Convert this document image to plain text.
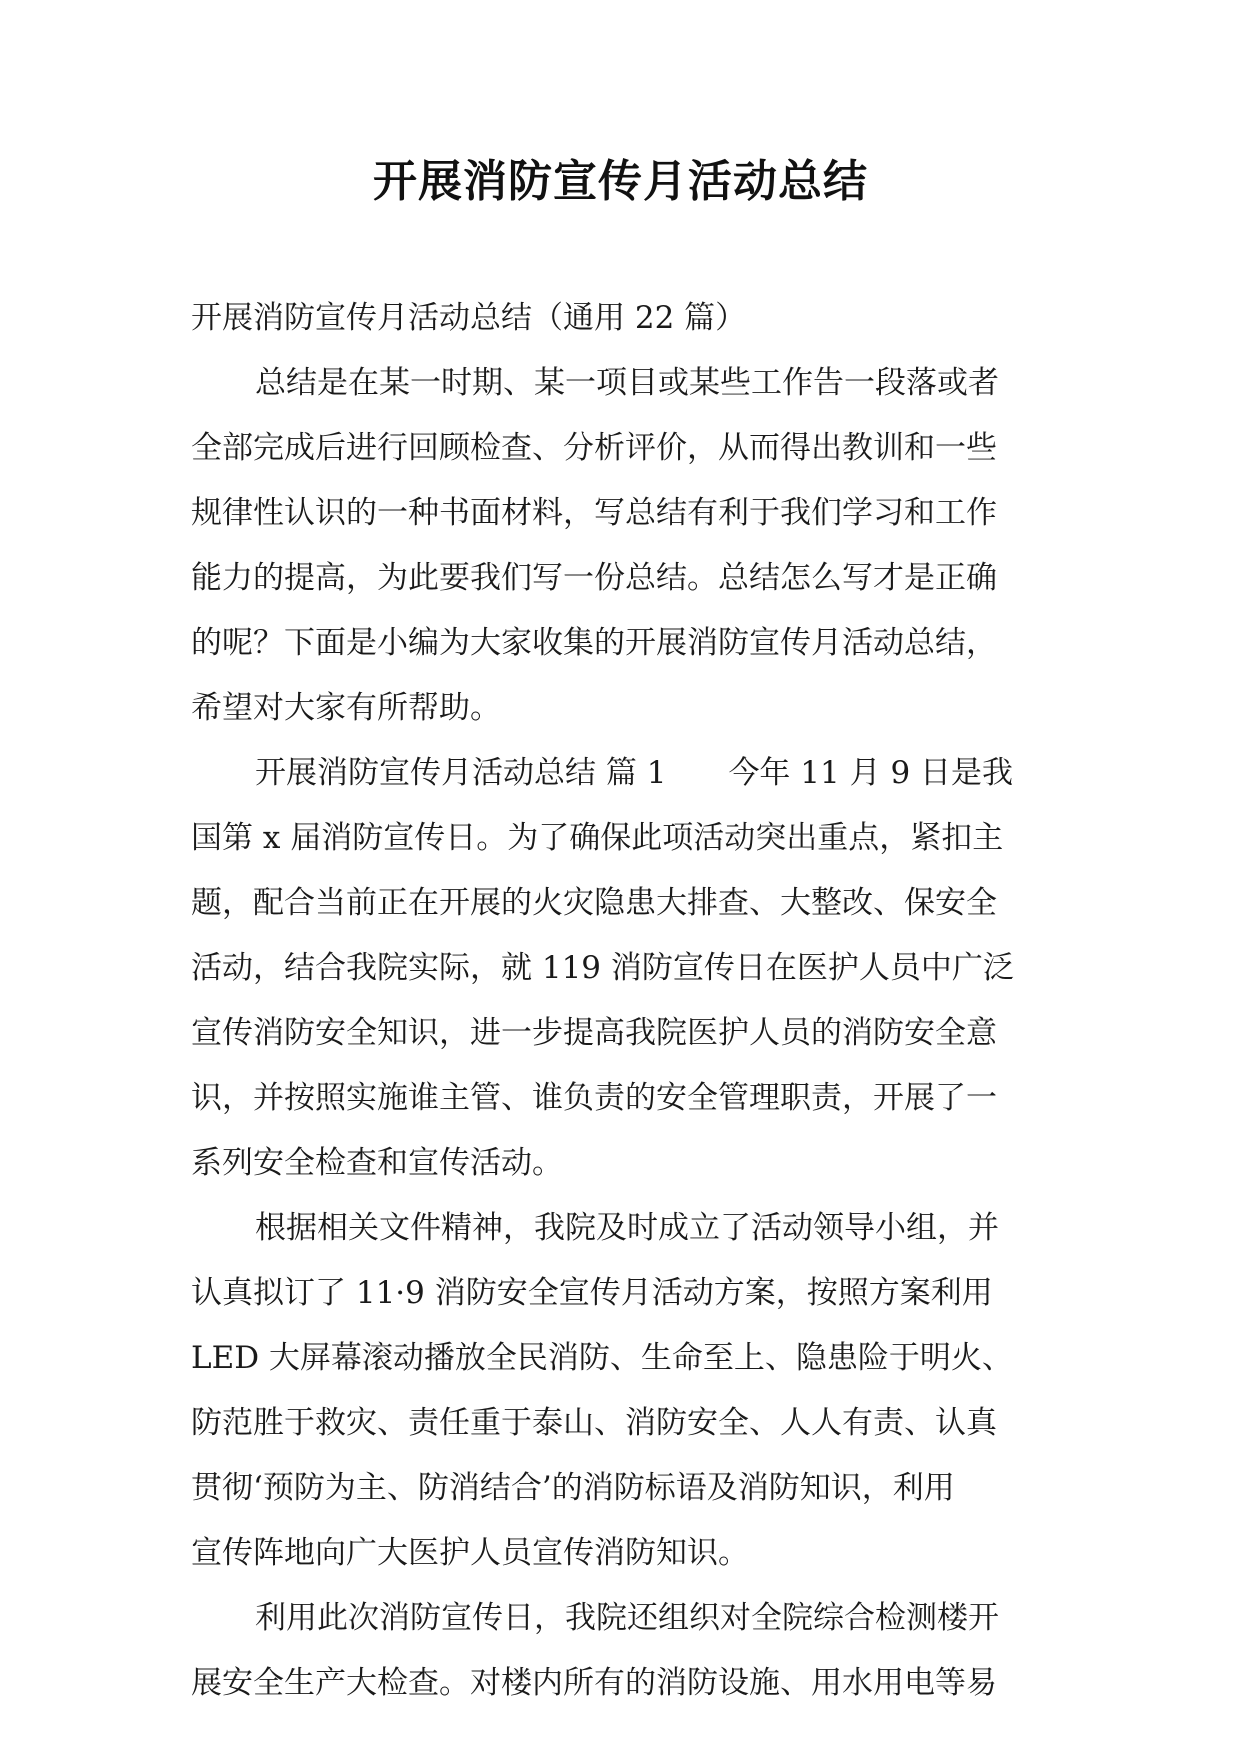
开展消防宣传月活动总结
开展消防宣传月活动总结（通用 22 篇）
总结是在某一时期、某一项目或某些工作告一段落或者
全部完成后进行回顾检查、分析评价，从而得出教训和一些
规律性认识的一种书面材料，写总结有利于我们学习和工作
能力的提高，为此要我们写一份总结。总结怎么写才是正确
的呢？下面是小编为大家收集的开展消防宣传月活动总结，
希望对大家有所帮助。
开展消防宣传月活动总结 篇 1 今年 11 月 9 日是我
国第 x 届消防宣传日。为了确保此项活动突出重点，紧扣主
题，配合当前正在开展的火灾隐患大排查、大整改、保安全
活动，结合我院实际，就 119 消防宣传日在医护人员中广泛
宣传消防安全知识，进一步提高我院医护人员的消防安全意
识，并按照实施谁主管、谁负责的安全管理职责，开展了一
系列安全检查和宣传活动。
根据相关文件精神，我院及时成立了活动领导小组，并
认真拟订了 11·9 消防安全宣传月活动方案，按照方案利用
LED 大屏幕滚动播放全民消防、生命至上、隐患险于明火、
防范胜于救灾、责任重于泰山、消防安全、人人有责、认真
贯彻‘预防为主、防消结合’的消防标语及消防知识，利用
宣传阵地向广大医护人员宣传消防知识。
利用此次消防宣传日，我院还组织对全院综合检测楼开
展安全生产大检查。对楼内所有的消防设施、用水用电等易
